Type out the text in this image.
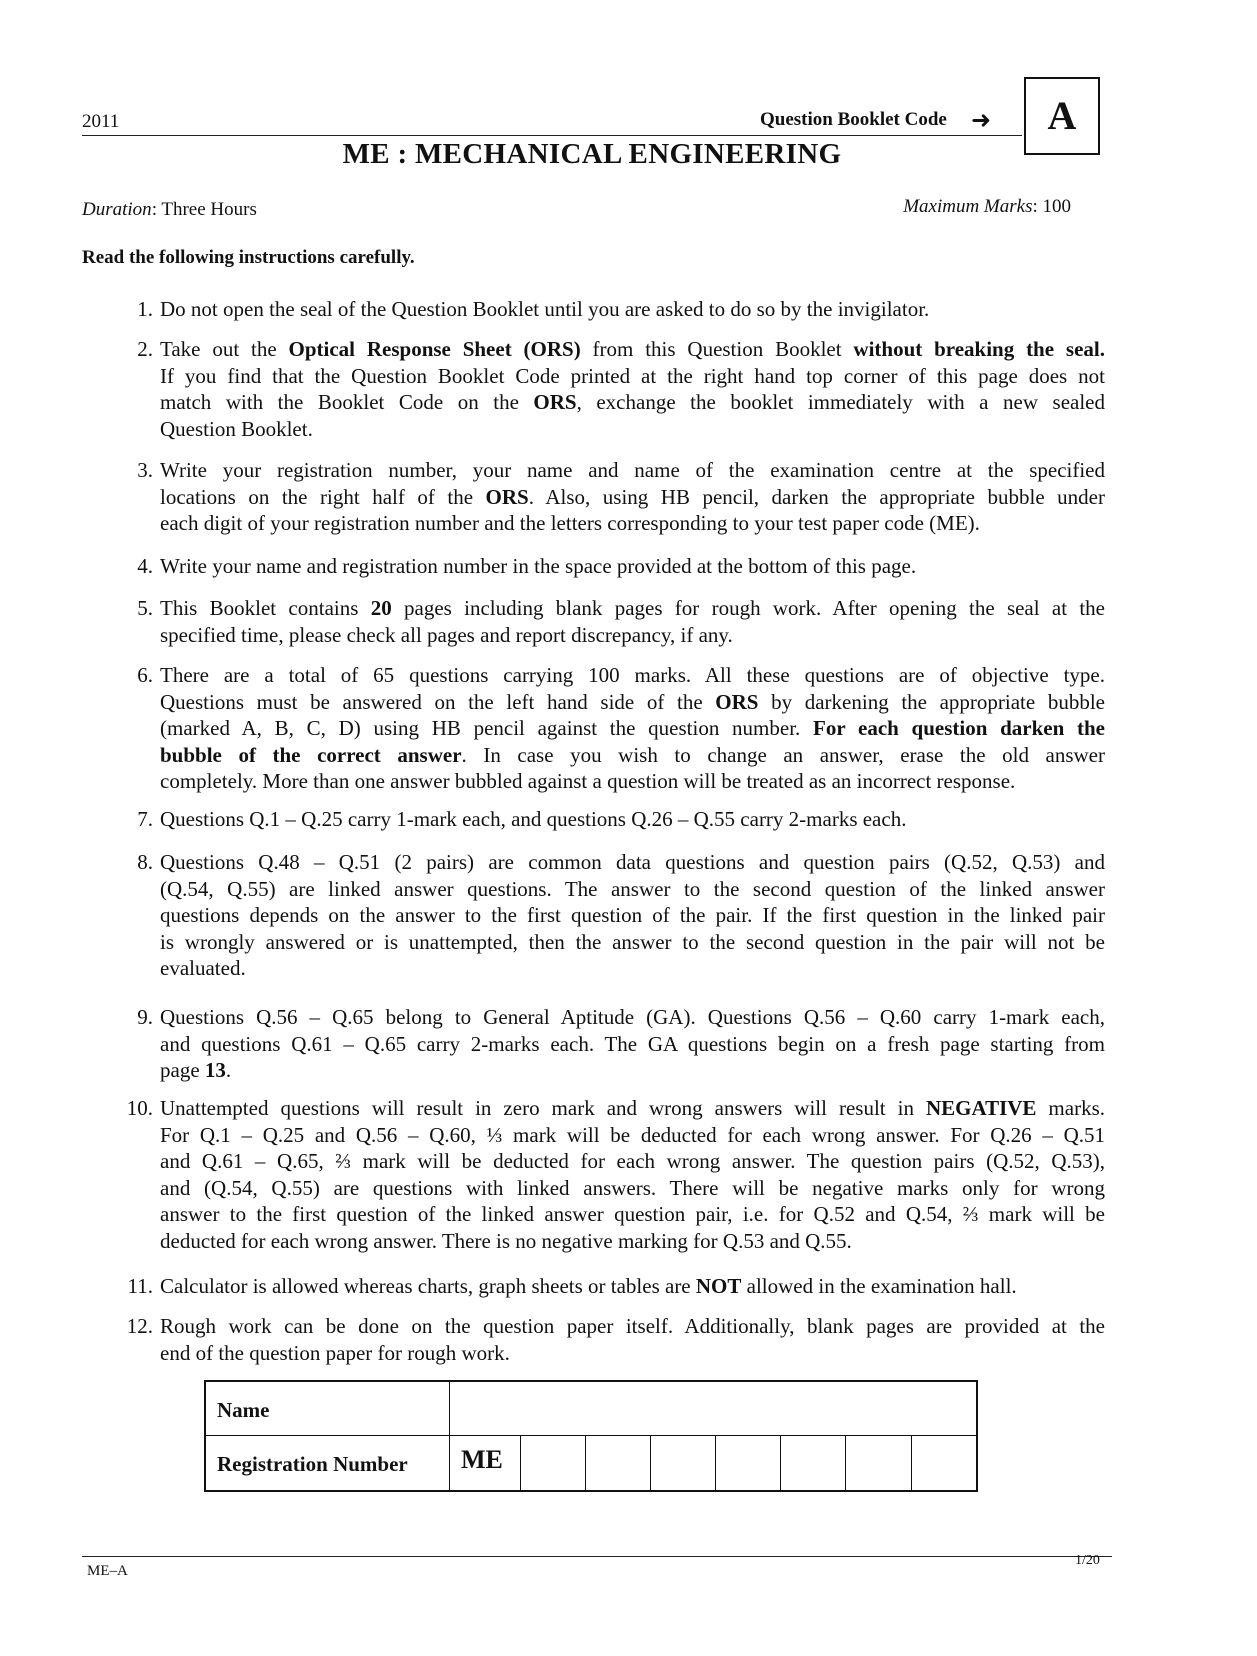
2011	Question Booklet Code ➜	A
ME : MECHANICAL ENGINEERING
Duration: Three Hours	Maximum Marks: 100
Read the following instructions carefully.
1. Do not open the seal of the Question Booklet until you are asked to do so by the invigilator.
2. Take out the Optical Response Sheet (ORS) from this Question Booklet without breaking the seal.
If you find that the Question Booklet Code printed at the right hand top corner of this page does not
match with the Booklet Code on the ORS, exchange the booklet immediately with a new sealed
Question Booklet.
3. Write your registration number, your name and name of the examination centre at the specified
locations on the right half of the ORS. Also, using HB pencil, darken the appropriate bubble under
each digit of your registration number and the letters corresponding to your test paper code (ME).
4. Write your name and registration number in the space provided at the bottom of this page.
5. This Booklet contains 20 pages including blank pages for rough work. After opening the seal at the
specified time, please check all pages and report discrepancy, if any.
6. There are a total of 65 questions carrying 100 marks. All these questions are of objective type.
Questions must be answered on the left hand side of the ORS by darkening the appropriate bubble
(marked A, B, C, D) using HB pencil against the question number. For each question darken the
bubble of the correct answer. In case you wish to change an answer, erase the old answer
completely. More than one answer bubbled against a question will be treated as an incorrect response.
7. Questions Q.1 – Q.25 carry 1-mark each, and questions Q.26 – Q.55 carry 2-marks each.
8. Questions Q.48 – Q.51 (2 pairs) are common data questions and question pairs (Q.52, Q.53) and
(Q.54, Q.55) are linked answer questions. The answer to the second question of the linked answer
questions depends on the answer to the first question of the pair. If the first question in the linked pair
is wrongly answered or is unattempted, then the answer to the second question in the pair will not be
evaluated.
9. Questions Q.56 – Q.65 belong to General Aptitude (GA). Questions Q.56 – Q.60 carry 1-mark each,
and questions Q.61 – Q.65 carry 2-marks each. The GA questions begin on a fresh page starting from
page 13.
10. Unattempted questions will result in zero mark and wrong answers will result in NEGATIVE marks.
For Q.1 – Q.25 and Q.56 – Q.60, ⅓ mark will be deducted for each wrong answer. For Q.26 – Q.51
and Q.61 – Q.65, ⅔ mark will be deducted for each wrong answer. The question pairs (Q.52, Q.53),
and (Q.54, Q.55) are questions with linked answers. There will be negative marks only for wrong
answer to the first question of the linked answer question pair, i.e. for Q.52 and Q.54, ⅔ mark will be
deducted for each wrong answer. There is no negative marking for Q.53 and Q.55.
11. Calculator is allowed whereas charts, graph sheets or tables are NOT allowed in the examination hall.
12. Rough work can be done on the question paper itself. Additionally, blank pages are provided at the
end of the question paper for rough work.
Name
Registration Number	ME
ME–A
1/20
